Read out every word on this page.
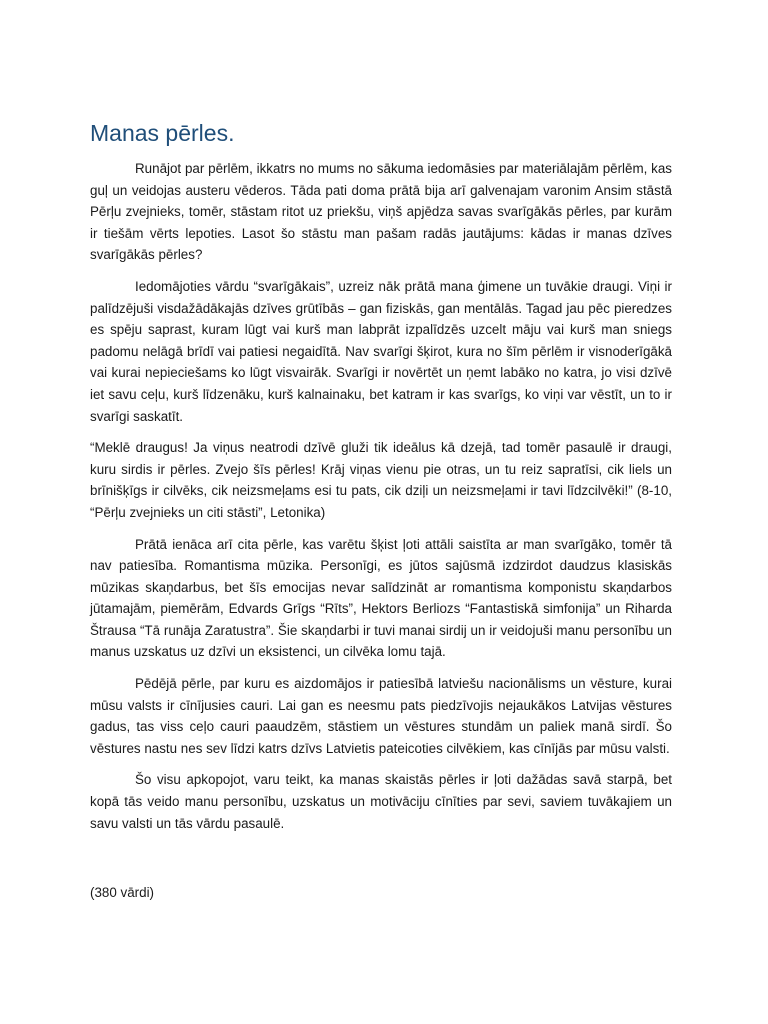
Manas pērles.

Runājot par pērlēm, ikkatrs no mums no sākuma iedomāsies par materiālajām pērlēm, kas guļ un veidojas austeru vēderos. Tāda pati doma prātā bija arī galvenajam varonim Ansim stāstā Pērļu zvejnieks, tomēr, stāstam ritot uz priekšu, viņš apjēdza savas svarīgākās pērles, par kurām ir tiešām vērts lepoties. Lasot šo stāstu man pašam radās jautājums: kādas ir manas dzīves svarīgākās pērles?

Iedomājoties vārdu “svarīgākais”, uzreiz nāk prātā mana ģimene un tuvākie draugi. Viņi ir palīdzējuši visdažādākajās dzīves grūtībās – gan fiziskās, gan mentālās. Tagad jau pēc pieredzes es spēju saprast, kuram lūgt vai kurš man labprāt izpalīdzēs uzcelt māju vai kurš man sniegs padomu nelāgā brīdī vai patiesi negaidītā. Nav svarīgi šķirot, kura no šīm pērlēm ir visnoderīgākā vai kurai nepieciešams ko lūgt visvairāk. Svarīgi ir novērtēt un ņemt labāko no katra, jo visi dzīvē iet savu ceļu, kurš līdzenāku, kurš kalnainaku, bet katram ir kas svarīgs, ko viņi var vēstīt, un to ir svarīgi saskatīt.

“Meklē draugus! Ja viņus neatrodi dzīvē gluži tik ideālus kā dzejā, tad tomēr pasaulē ir draugi, kuru sirdis ir pērles. Zvejo šīs pērles! Krāj viņas vienu pie otras, un tu reiz sapratīsi, cik liels un brīnišķīgs ir cilvēks, cik neizsmeļams esi tu pats, cik dziļi un neizsmeļami ir tavi līdzcilvēki!” (8-10, “Pērļu zvejnieks un citi stāsti”, Letonika)

Prātā ienāca arī cita pērle, kas varētu šķist ļoti attāli saistīta ar man svarīgāko, tomēr tā nav patiesība. Romantisma mūzika. Personīgi, es jūtos sajūsmā izdzirdot daudzus klasiskās mūzikas skaņdarbus, bet šīs emocijas nevar salīdzināt ar romantisma komponistu skaņdarbos jūtamajām, piemērām, Edvards Grīgs “Rīts”, Hektors Berliozs “Fantastiskā simfonija” un Riharda Štrausa “Tā runāja Zaratustra”. Šie skaņdarbi ir tuvi manai sirdij un ir veidojuši manu personību un manus uzskatus uz dzīvi un eksistenci, un cilvēka lomu tajā.

Pēdējā pērle, par kuru es aizdomājos ir patiesībā latviešu nacionālisms un vēsture, kurai mūsu valsts ir cīnījusies cauri. Lai gan es neesmu pats piedzīvojis nejaukākos Latvijas vēstures gadus, tas viss ceļo cauri paaudzēm, stāstiem un vēstures stundām un paliek manā sirdī. Šo vēstures nastu nes sev līdzi katrs dzīvs Latvietis pateicoties cilvēkiem, kas cīnījās par mūsu valsti.

Šo visu apkopojot, varu teikt, ka manas skaistās pērles ir ļoti dažādas savā starpā, bet kopā tās veido manu personību, uzskatus un motivāciju cīnīties par sevi, saviem tuvākajiem un savu valsti un tās vārdu pasaulē.

(380 vārdi)
